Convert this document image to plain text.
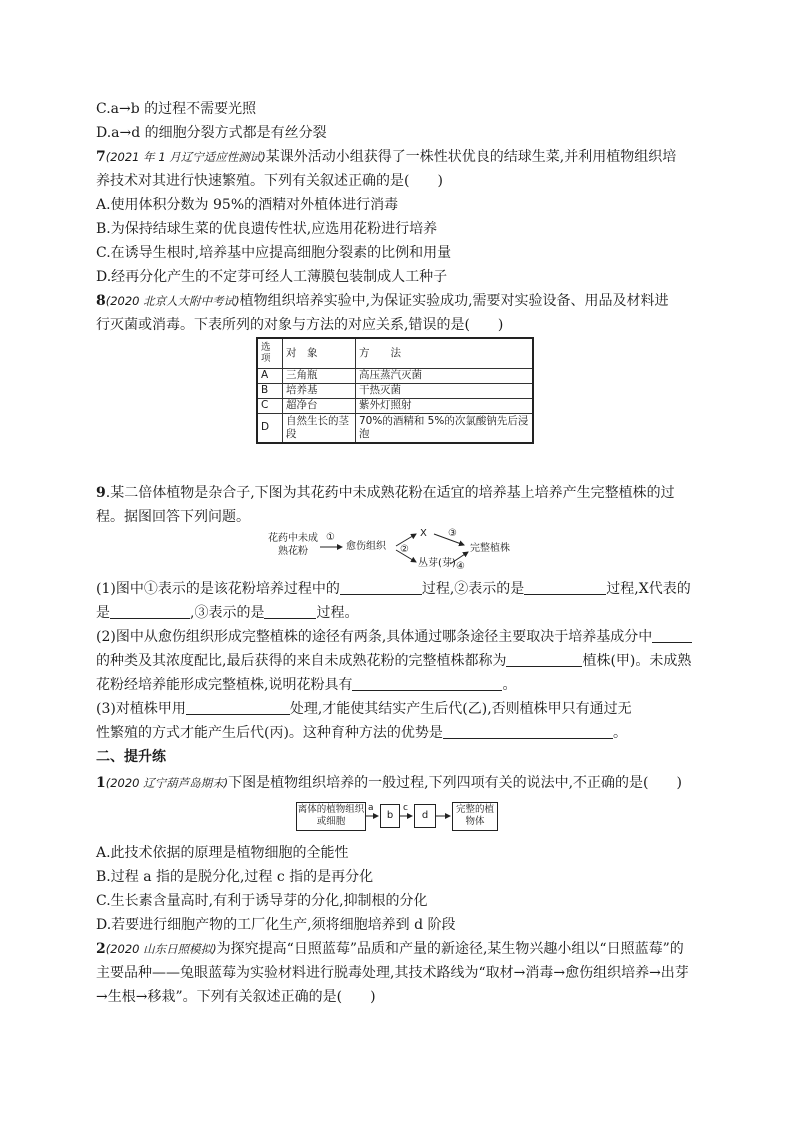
C.a→b 的过程不需要光照
D.a→d 的细胞分裂方式都是有丝分裂
7(2021 年 1 月辽宁适应性测试)某课外活动小组获得了一株性状优良的结球生菜,并利用植物组织培
养技术对其进行快速繁殖。下列有关叙述正确的是(　　)
A.使用体积分数为 95%的酒精对外植体进行消毒
B.为保持结球生菜的优良遗传性状,应选用花粉进行培养
C.在诱导生根时,培养基中应提高细胞分裂素的比例和用量
D.经再分化产生的不定芽可经人工薄膜包装制成人工种子
8(2020 北京人大附中考试)植物组织培养实验中,为保证实验成功,需要对实验设备、用品及材料进
行灭菌或消毒。下表所列的对象与方法的对应关系,错误的是(　　)
选项	对　象	方　　法
A	三角瓶	高压蒸汽灭菌
B	培养基	干热灭菌
C	超净台	紫外灯照射
D	自然生长的茎段	70%的酒精和 5%的次氯酸钠先后浸泡
9.某二倍体植物是杂合子,下图为其花药中未成熟花粉在适宜的培养基上培养产生完整植株的过
程。据图回答下列问题。
花药中未成熟花粉
①
愈伤组织 ②
X ③
完整植株
丛芽(芽) ④
(1)图中①表示的是该花粉培养过程中的	过程,②表示的是	过程,X代表的
是	,③表示的是	过程。
(2)图中从愈伤组织形成完整植株的途径有两条,具体通过哪条途径主要取决于培养基成分中
的种类及其浓度配比,最后获得的来自未成熟花粉的完整植株都称为	植株(甲)。未成熟
花粉经培养能形成完整植株,说明花粉具有	。
(3)对植株甲用	处理,才能使其结实产生后代(乙),否则植株甲只有通过无
性繁殖的方式才能产生后代(丙)。这种育种方法的优势是	。
二、提升练
1(2020 辽宁葫芦岛期末)下图是植物组织培养的一般过程,下列四项有关的说法中,不正确的是(　　)
离体的植物组织或细胞
a
b
c
d
完整的植物体
A.此技术依据的原理是植物细胞的全能性
B.过程 a 指的是脱分化,过程 c 指的是再分化
C.生长素含量高时,有利于诱导芽的分化,抑制根的分化
D.若要进行细胞产物的工厂化生产,须将细胞培养到 d 阶段
2(2020 山东日照模拟)为探究提高“日照蓝莓”品质和产量的新途径,某生物兴趣小组以“日照蓝莓”的
主要品种——兔眼蓝莓为实验材料进行脱毒处理,其技术路线为“取材→消毒→愈伤组织培养→出芽
→生根→移栽”。下列有关叙述正确的是(　　)
